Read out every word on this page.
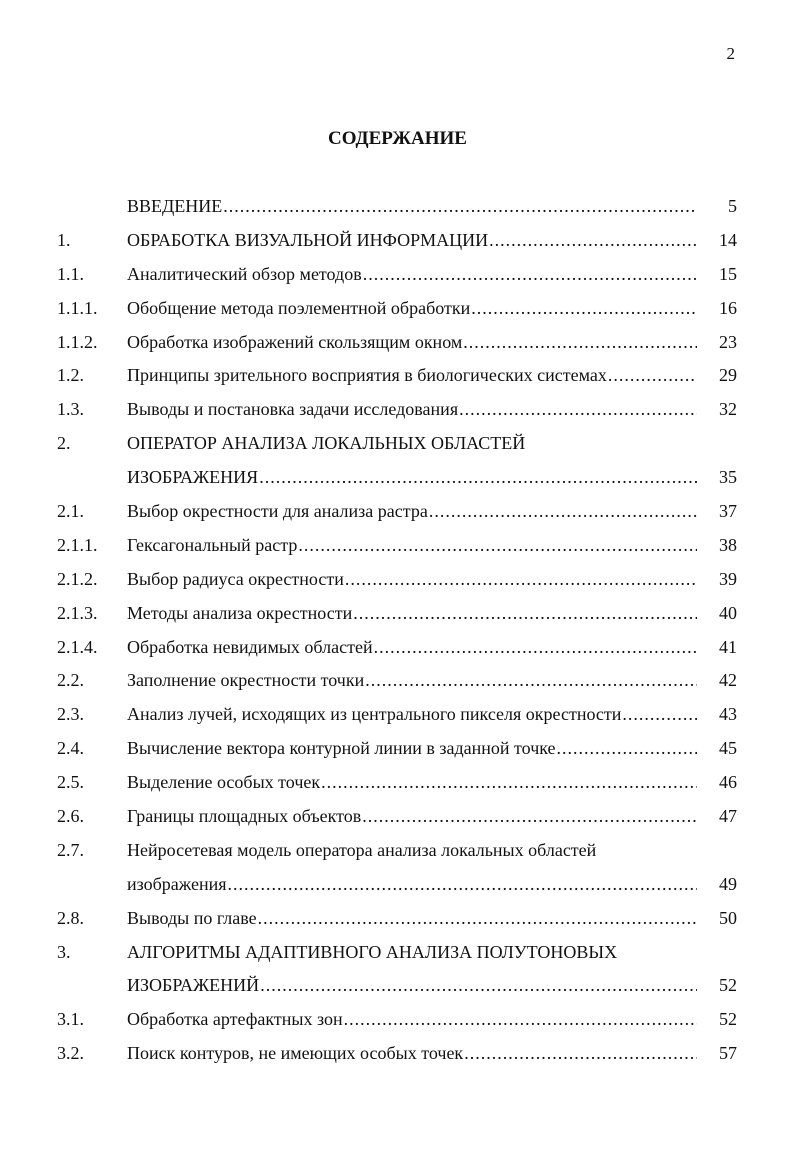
2
СОДЕРЖАНИЕ
ВВЕДЕНИЕ .....	5
1.	ОБРАБОТКА ВИЗУАЛЬНОЙ ИНФОРМАЦИИ .....	14
1.1.	Аналитический обзор методов .....	15
1.1.1.	Обобщение метода поэлементной обработки .....	16
1.1.2.	Обработка изображений скользящим окном .....	23
1.2.	Принципы зрительного восприятия в биологических системах .....	29
1.3.	Выводы и постановка задачи исследования .....	32
2.	ОПЕРАТОР АНАЛИЗА ЛОКАЛЬНЫХ ОБЛАСТЕЙ
ИЗОБРАЖЕНИЯ .....	35
2.1.	Выбор окрестности для анализа растра .....	37
2.1.1.	Гексагональный растр .....	38
2.1.2.	Выбор радиуса окрестности .....	39
2.1.3.	Методы анализа окрестности .....	40
2.1.4.	Обработка невидимых областей .....	41
2.2.	Заполнение окрестности точки .....	42
2.3.	Анализ лучей, исходящих из центрального пикселя окрестности .....	43
2.4.	Вычисление вектора контурной линии в заданной точке .....	45
2.5.	Выделение особых точек .....	46
2.6.	Границы площадных объектов .....	47
2.7.	Нейросетевая модель оператора анализа локальных областей
изображения .....	49
2.8.	Выводы по главе .....	50
3.	АЛГОРИТМЫ АДАПТИВНОГО АНАЛИЗА ПОЛУТОНОВЫХ
ИЗОБРАЖЕНИЙ .....	52
3.1.	Обработка артефактных зон .....	52
3.2.	Поиск контуров, не имеющих особых точек .....	57
